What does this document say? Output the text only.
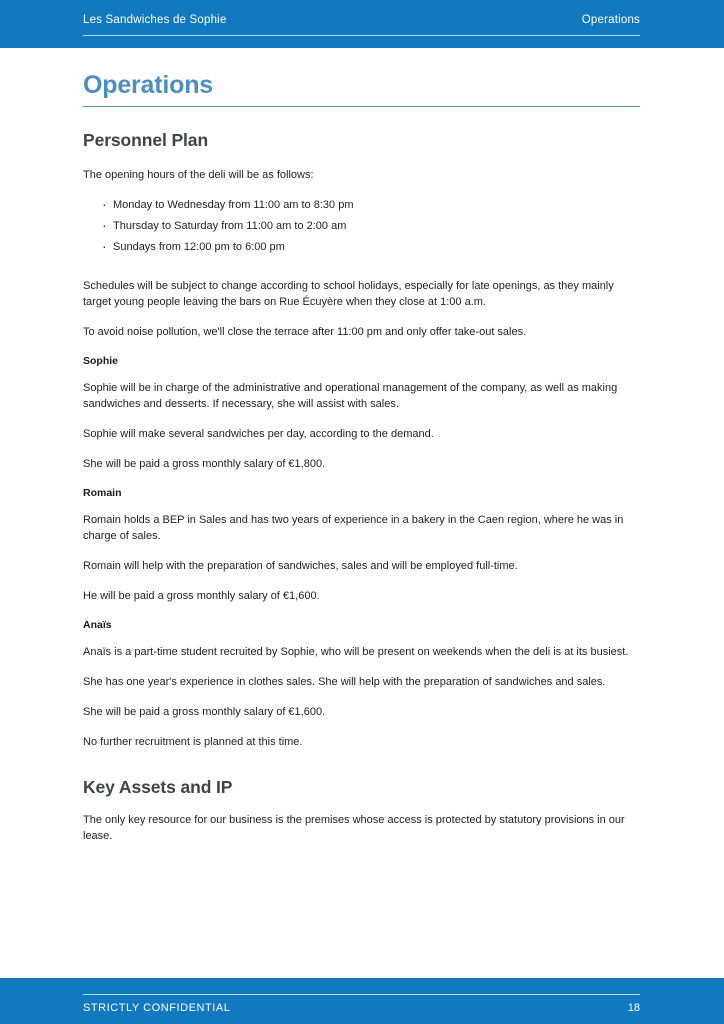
Les Sandwiches de Sophie	Operations
Operations
Personnel Plan

The opening hours of the deli will be as follows:

· Monday to Wednesday from 11:00 am to 8:30 pm
· Thursday to Saturday from 11:00 am to 2:00 am
· Sundays from 12:00 pm to 6:00 pm

Schedules will be subject to change according to school holidays, especially for late openings, as they mainly target young people leaving the bars on Rue Écuyère when they close at 1:00 a.m.

To avoid noise pollution, we'll close the terrace after 11:00 pm and only offer take-out sales.

Sophie

Sophie will be in charge of the administrative and operational management of the company, as well as making sandwiches and desserts. If necessary, she will assist with sales.

Sophie will make several sandwiches per day, according to the demand.

She will be paid a gross monthly salary of €1,800.

Romain

Romain holds a BEP in Sales and has two years of experience in a bakery in the Caen region, where he was in charge of sales.

Romain will help with the preparation of sandwiches, sales and will be employed full-time.

He will be paid a gross monthly salary of €1,600.

Anaïs

Anaïs is a part-time student recruited by Sophie, who will be present on weekends when the deli is at its busiest.

She has one year's experience in clothes sales. She will help with the preparation of sandwiches and sales.

She will be paid a gross monthly salary of €1,600.

No further recruitment is planned at this time.

Key Assets and IP

The only key resource for our business is the premises whose access is protected by statutory provisions in our lease.

STRICTLY CONFIDENTIAL	18
